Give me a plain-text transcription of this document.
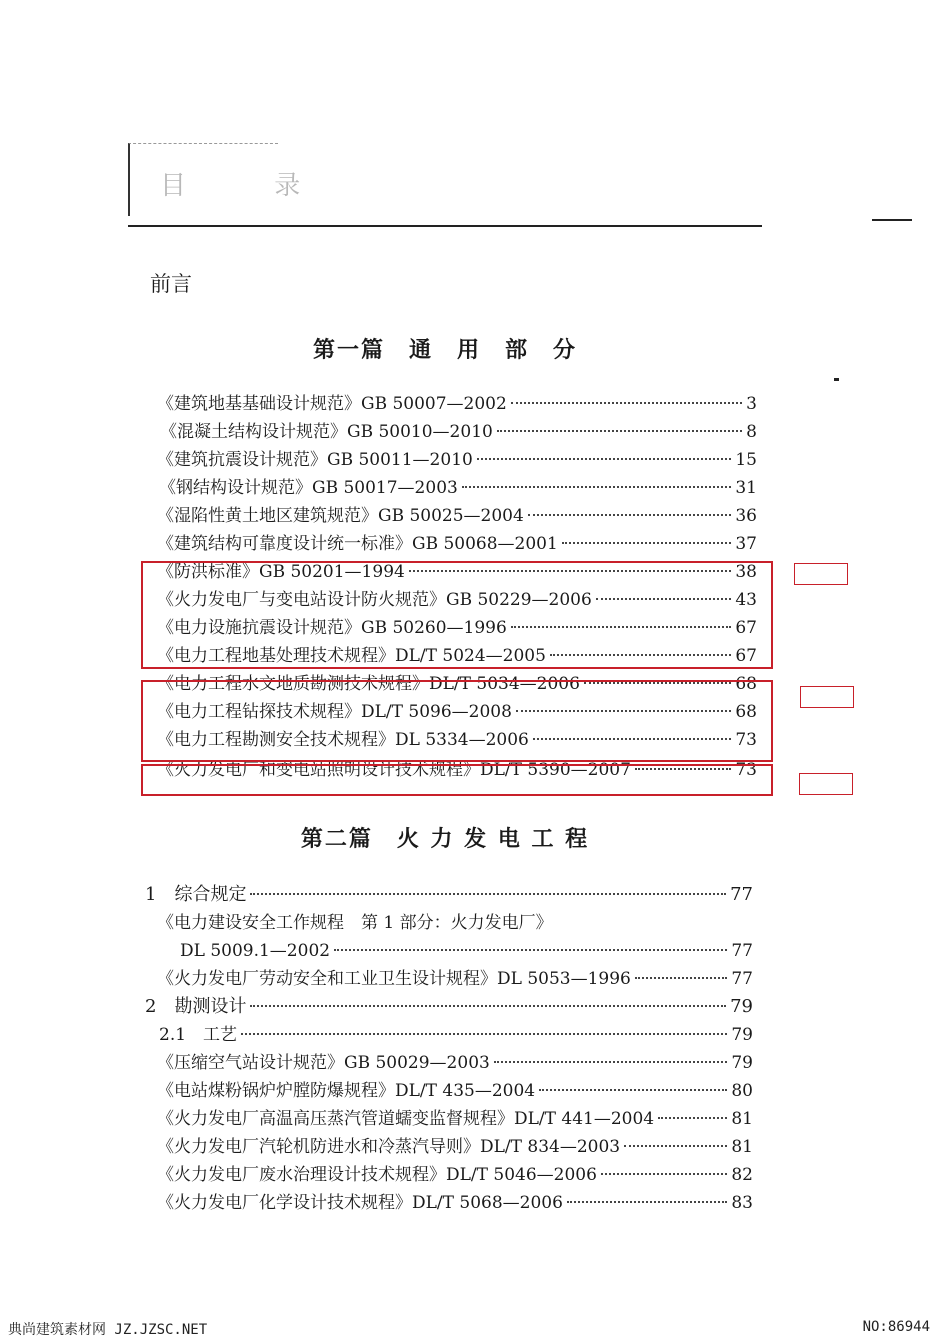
目 录
前言
第一篇　通　用　部　分
《建筑地基基础设计规范》GB 50007—2002	3
《混凝土结构设计规范》GB 50010—2010	8
《建筑抗震设计规范》GB 50011—2010	15
《钢结构设计规范》GB 50017—2003	31
《湿陷性黄土地区建筑规范》GB 50025—2004	36
《建筑结构可靠度设计统一标准》GB 50068—2001	37
《防洪标准》GB 50201—1994	38
《火力发电厂与变电站设计防火规范》GB 50229—2006	43
《电力设施抗震设计规范》GB 50260—1996	67
《电力工程地基处理技术规程》DL/T 5024—2005	67
《电力工程水文地质勘测技术规程》DL/T 5034—2006	68
《电力工程钻探技术规程》DL/T 5096—2008	68
《电力工程勘测安全技术规程》DL 5334—2006	73
《火力发电厂和变电站照明设计技术规程》DL/T 5390—2007	73
第二篇　火 力 发 电 工 程
1　综合规定	77
《电力建设安全工作规程　第 1 部分：火力发电厂》
DL 5009.1—2002	77
《火力发电厂劳动安全和工业卫生设计规程》DL 5053—1996	77
2　勘测设计	79
2.1　工艺	79
《压缩空气站设计规范》GB 50029—2003	79
《电站煤粉锅炉炉膛防爆规程》DL/T 435—2004	80
《火力发电厂高温高压蒸汽管道蠕变监督规程》DL/T 441—2004	81
《火力发电厂汽轮机防进水和冷蒸汽导则》DL/T 834—2003	81
《火力发电厂废水治理设计技术规程》DL/T 5046—2006	82
《火力发电厂化学设计技术规程》DL/T 5068—2006	83
典尚建筑素材网 JZ.JZSC.NET	NO:86944
